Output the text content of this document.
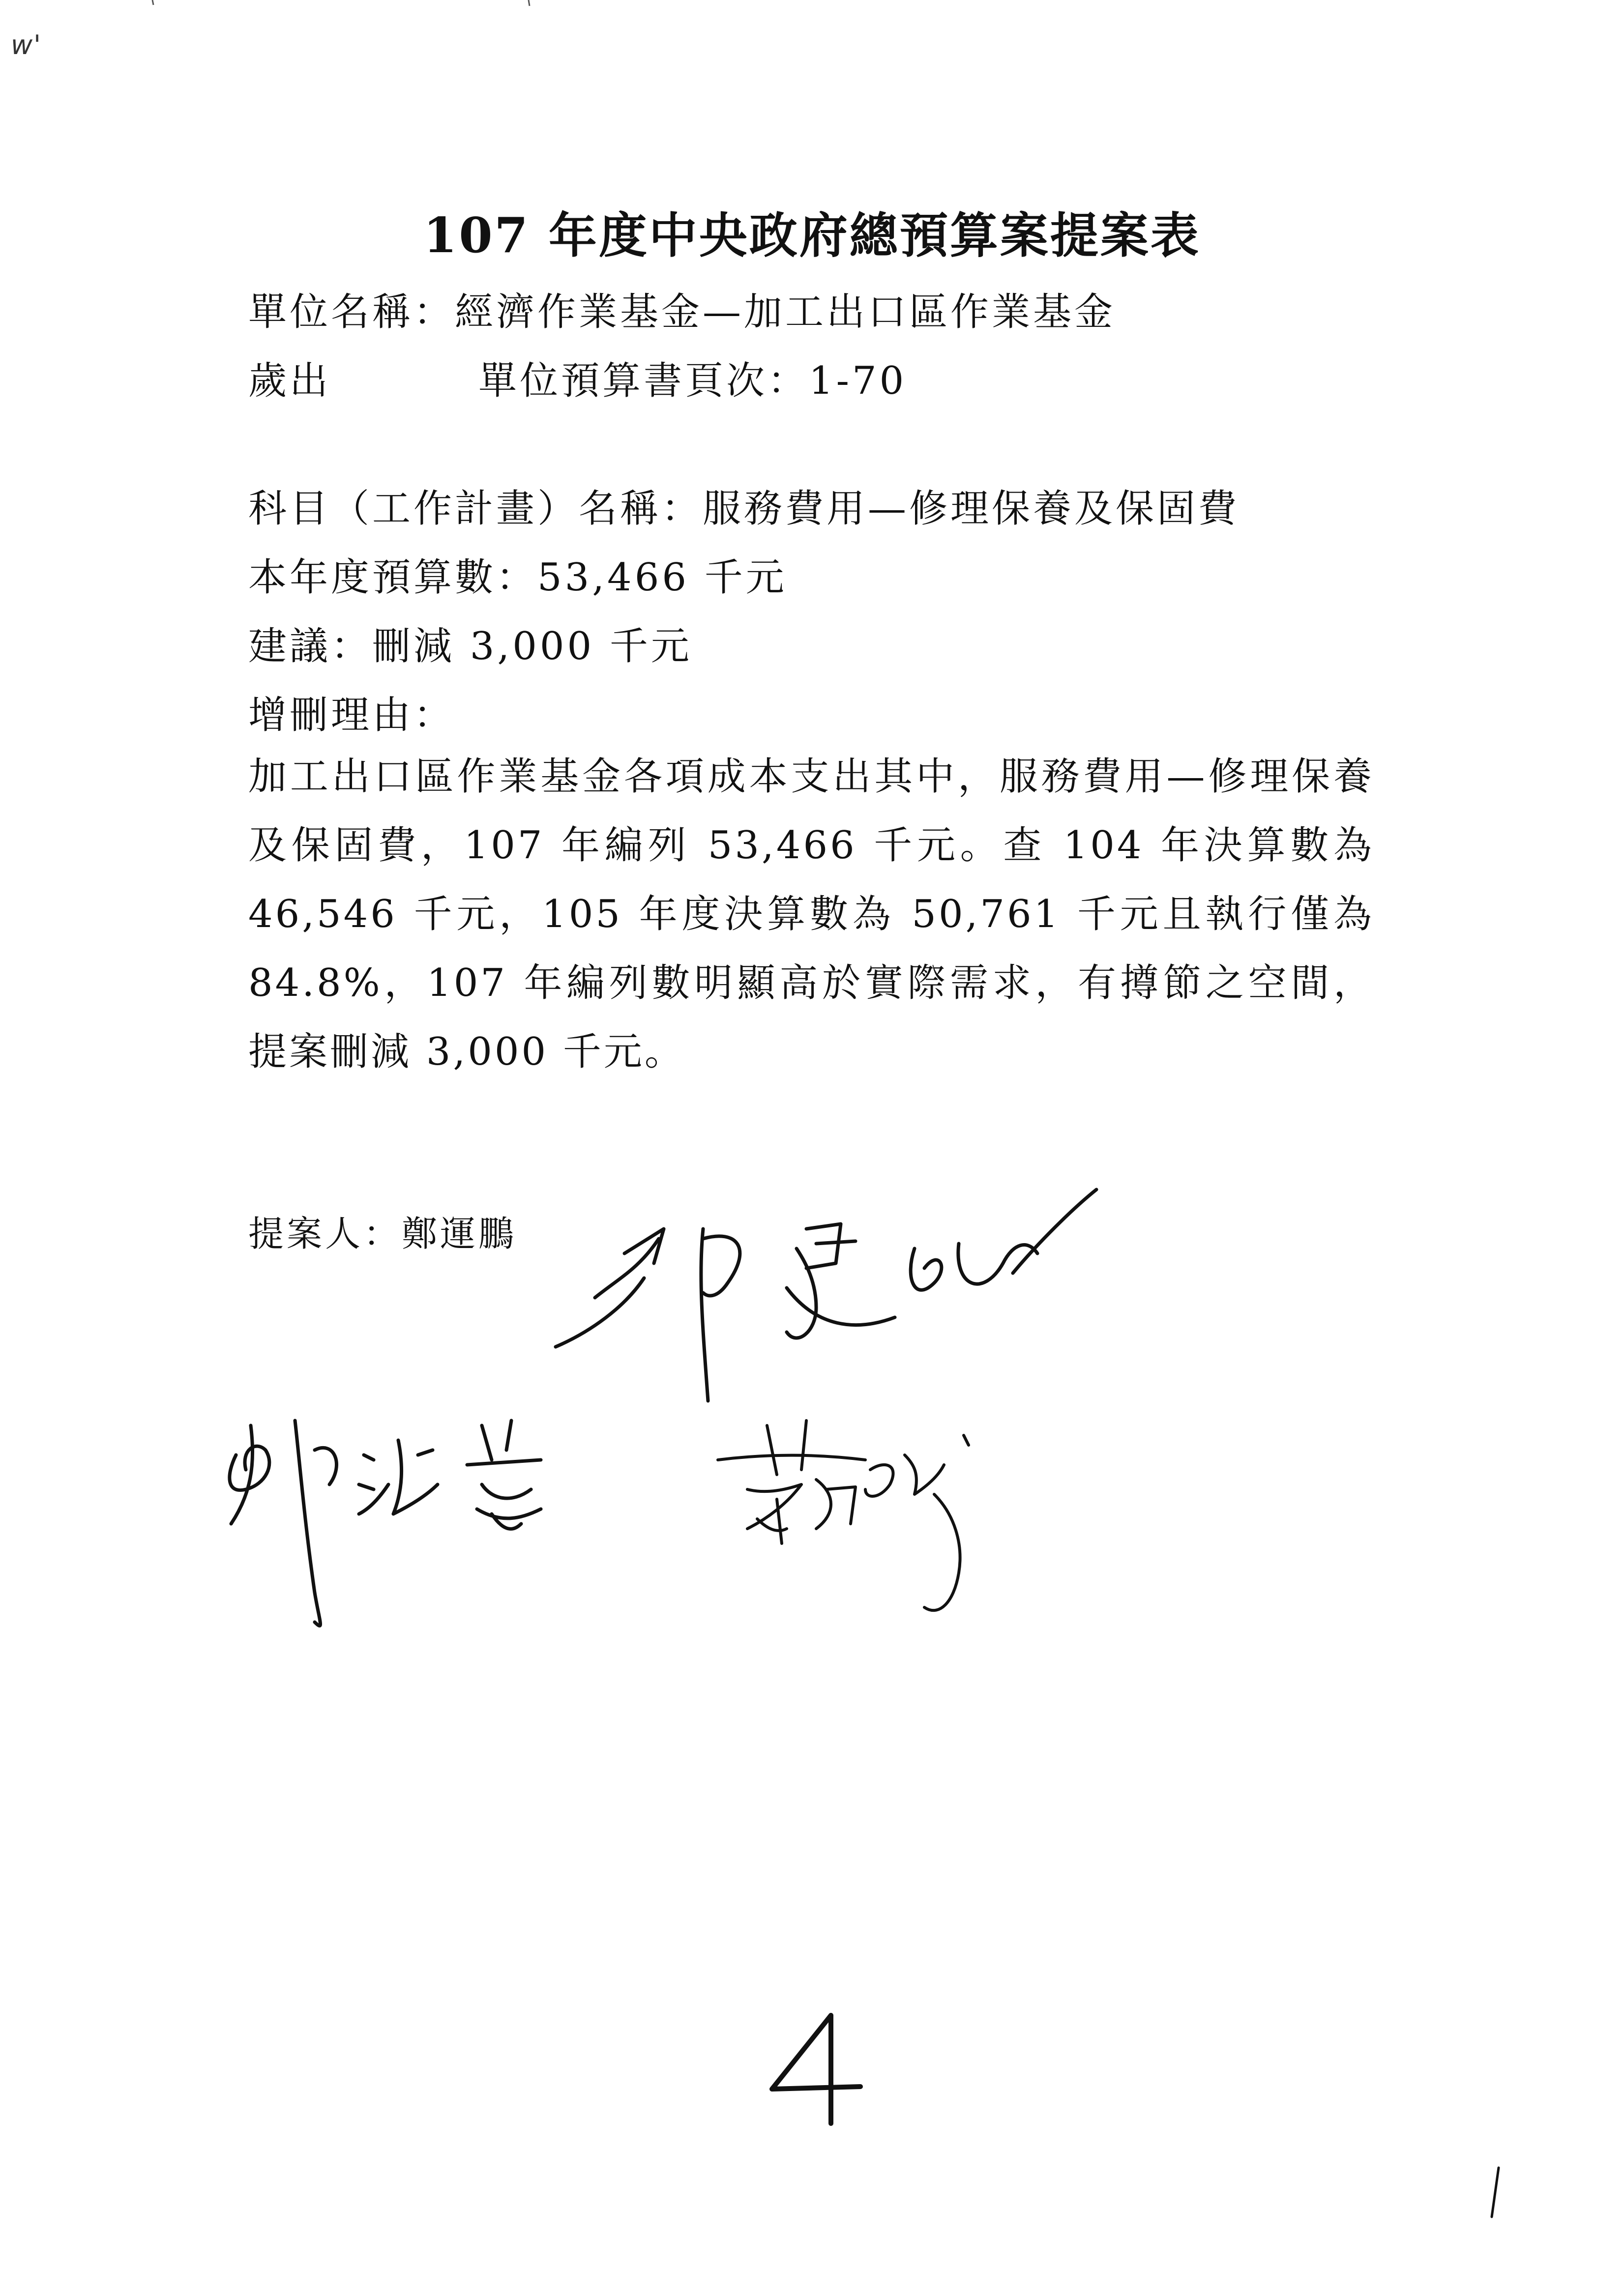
w'
107 年度中央政府總預算案提案表
單位名稱：經濟作業基金—加工出口區作業基金
歲出	單位預算書頁次：1-70
科目（工作計畫）名稱：服務費用—修理保養及保固費
本年度預算數：53,466 千元
建議：刪減 3,000 千元
增刪理由：

加工出口區作業基金各項成本支出其中，服務費用—修理保養及保固費，107 年編列 53,466 千元。查 104 年決算數為 46,546 千元，105 年度決算數為 50,761 千元且執行僅為 84.8%，107 年編列數明顯高於實際需求，有撙節之空間，提案刪減 3,000 千元。

提案人：鄭運鵬
